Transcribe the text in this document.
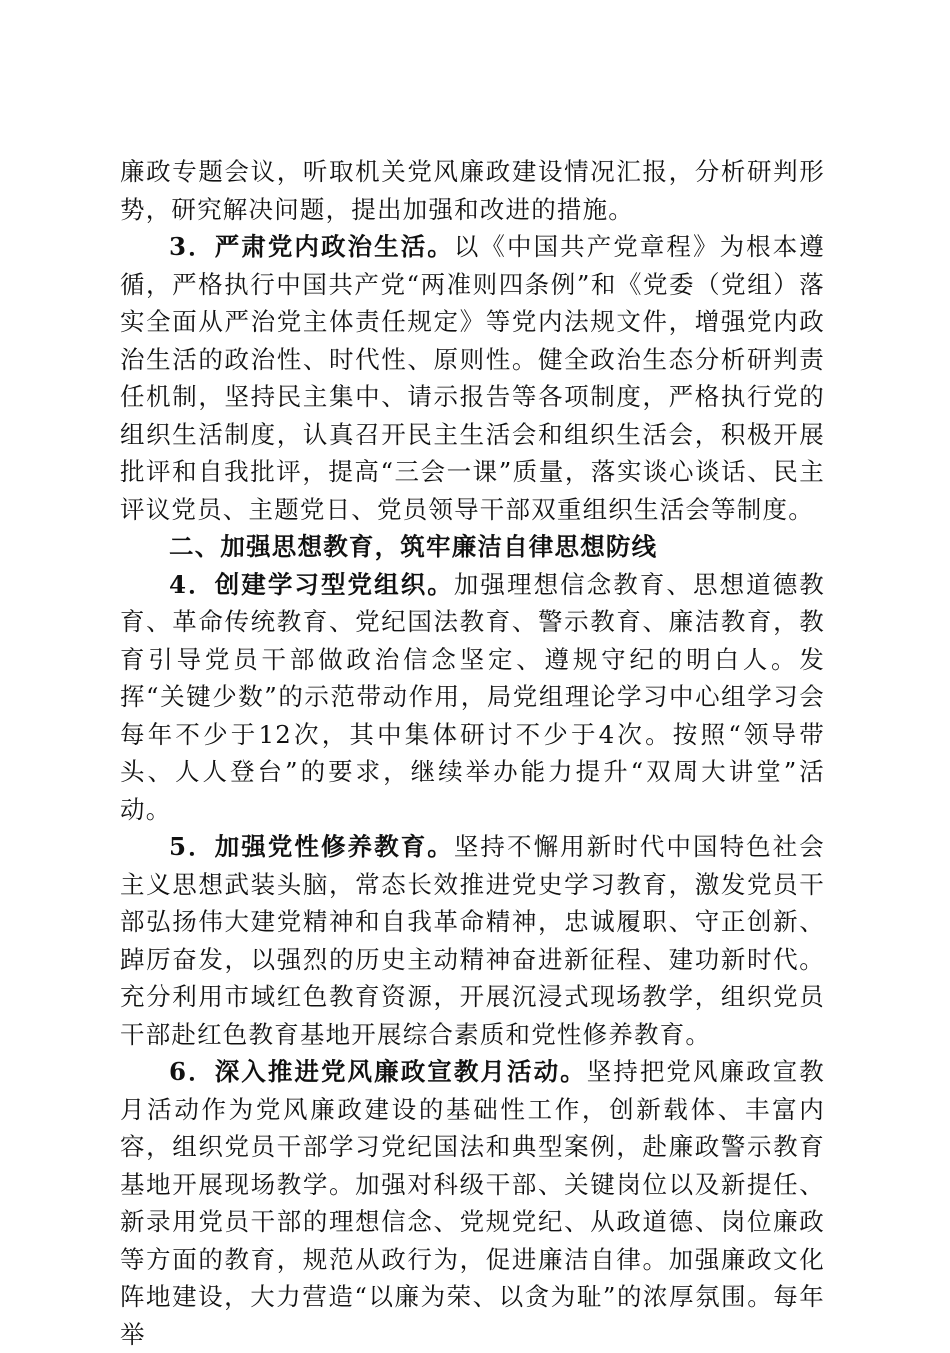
廉政专题会议，听取机关党风廉政建设情况汇报，分析研判形势，研究解决问题，提出加强和改进的措施。

3．严肃党内政治生活。以《中国共产党章程》为根本遵循，严格执行中国共产党“两准则四条例”和《党委（党组）落实全面从严治党主体责任规定》等党内法规文件，增强党内政治生活的政治性、时代性、原则性。健全政治生态分析研判责任机制，坚持民主集中、请示报告等各项制度，严格执行党的组织生活制度，认真召开民主生活会和组织生活会，积极开展批评和自我批评，提高“三会一课”质量，落实谈心谈话、民主评议党员、主题党日、党员领导干部双重组织生活会等制度。

二、加强思想教育，筑牢廉洁自律思想防线

4．创建学习型党组织。加强理想信念教育、思想道德教育、革命传统教育、党纪国法教育、警示教育、廉洁教育，教育引导党员干部做政治信念坚定、遵规守纪的明白人。发挥“关键少数”的示范带动作用，局党组理论学习中心组学习会每年不少于12次，其中集体研讨不少于4次。按照“领导带头、人人登台”的要求，继续举办能力提升“双周大讲堂”活动。

5．加强党性修养教育。坚持不懈用新时代中国特色社会主义思想武装头脑，常态长效推进党史学习教育，激发党员干部弘扬伟大建党精神和自我革命精神，忠诚履职、守正创新、踔厉奋发，以强烈的历史主动精神奋进新征程、建功新时代。充分利用市域红色教育资源，开展沉浸式现场教学，组织党员干部赴红色教育基地开展综合素质和党性修养教育。

6．深入推进党风廉政宣教月活动。坚持把党风廉政宣教月活动作为党风廉政建设的基础性工作，创新载体、丰富内容，组织党员干部学习党纪国法和典型案例，赴廉政警示教育基地开展现场教学。加强对科级干部、关键岗位以及新提任、新录用党员干部的理想信念、党规党纪、从政道德、岗位廉政等方面的教育，规范从政行为，促进廉洁自律。加强廉政文化阵地建设，大力营造“以廉为荣、以贪为耻”的浓厚氛围。每年举
